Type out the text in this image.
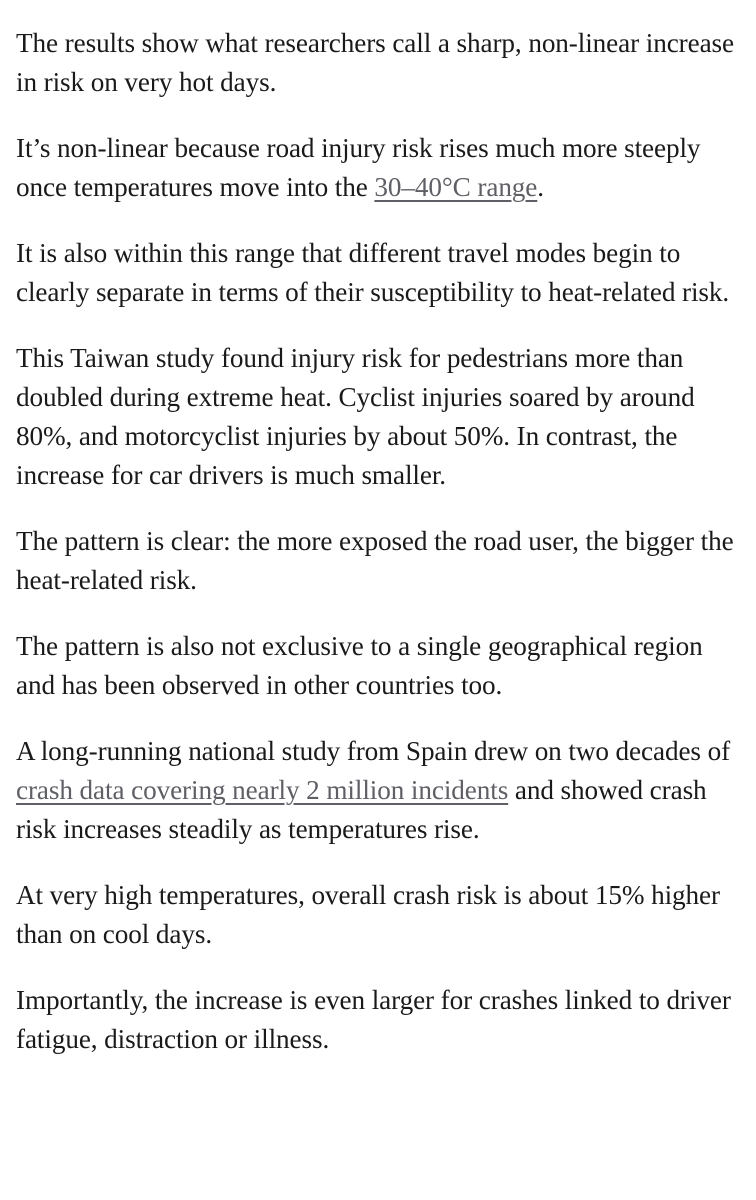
The results show what researchers call a sharp, non-linear increase in risk on very hot days.

It’s non-linear because road injury risk rises much more steeply once temperatures move into the 30–40°C range.

It is also within this range that different travel modes begin to clearly separate in terms of their susceptibility to heat-related risk.

This Taiwan study found injury risk for pedestrians more than doubled during extreme heat. Cyclist injuries soared by around 80%, and motorcyclist injuries by about 50%. In contrast, the increase for car drivers is much smaller.

The pattern is clear: the more exposed the road user, the bigger the heat-related risk.

The pattern is also not exclusive to a single geographical region and has been observed in other countries too.

A long-running national study from Spain drew on two decades of crash data covering nearly 2 million incidents and showed crash risk increases steadily as temperatures rise.

At very high temperatures, overall crash risk is about 15% higher than on cool days.

Importantly, the increase is even larger for crashes linked to driver fatigue, distraction or illness.
